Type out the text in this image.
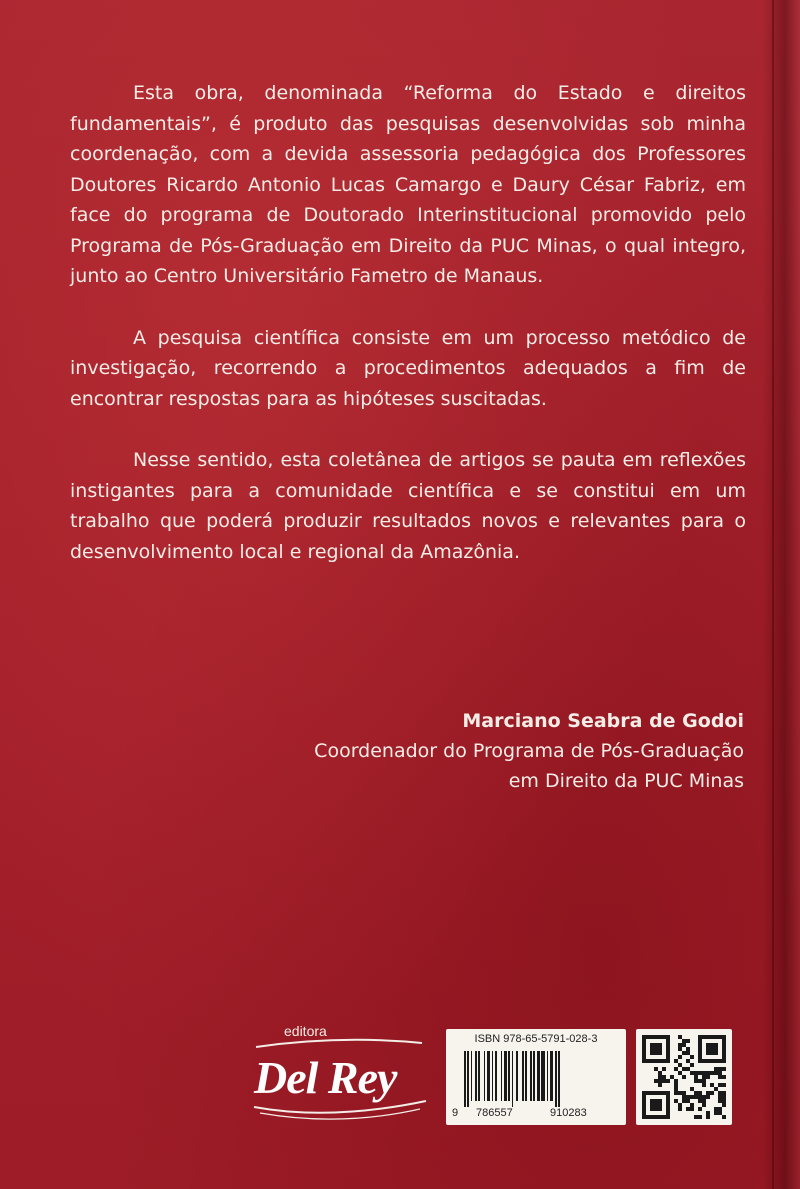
Esta obra, denominada “Reforma do Estado e direitos fundamentais”, é produto das pesquisas desenvolvidas sob minha coordenação, com a devida assessoria pedagógica dos Professores Doutores Ricardo Antonio Lucas Camargo e Daury César Fabriz, em face do programa de Doutorado Interinstitucional promovido pelo Programa de Pós-Graduação em Direito da PUC Minas, o qual integro, junto ao Centro Universitário Fametro de Manaus.

A pesquisa científica consiste em um processo metódico de investigação, recorrendo a procedimentos adequados a fim de encontrar respostas para as hipóteses suscitadas.

Nesse sentido, esta coletânea de artigos se pauta em reflexões instigantes para a comunidade científica e se constitui em um trabalho que poderá produzir resultados novos e relevantes para o desenvolvimento local e regional da Amazônia.

Marciano Seabra de Godoi
Coordenador do Programa de Pós-Graduação
em Direito da PUC Minas
editora
Del Rey
ISBN 978-65-5791-028-3
9 786557	910283
